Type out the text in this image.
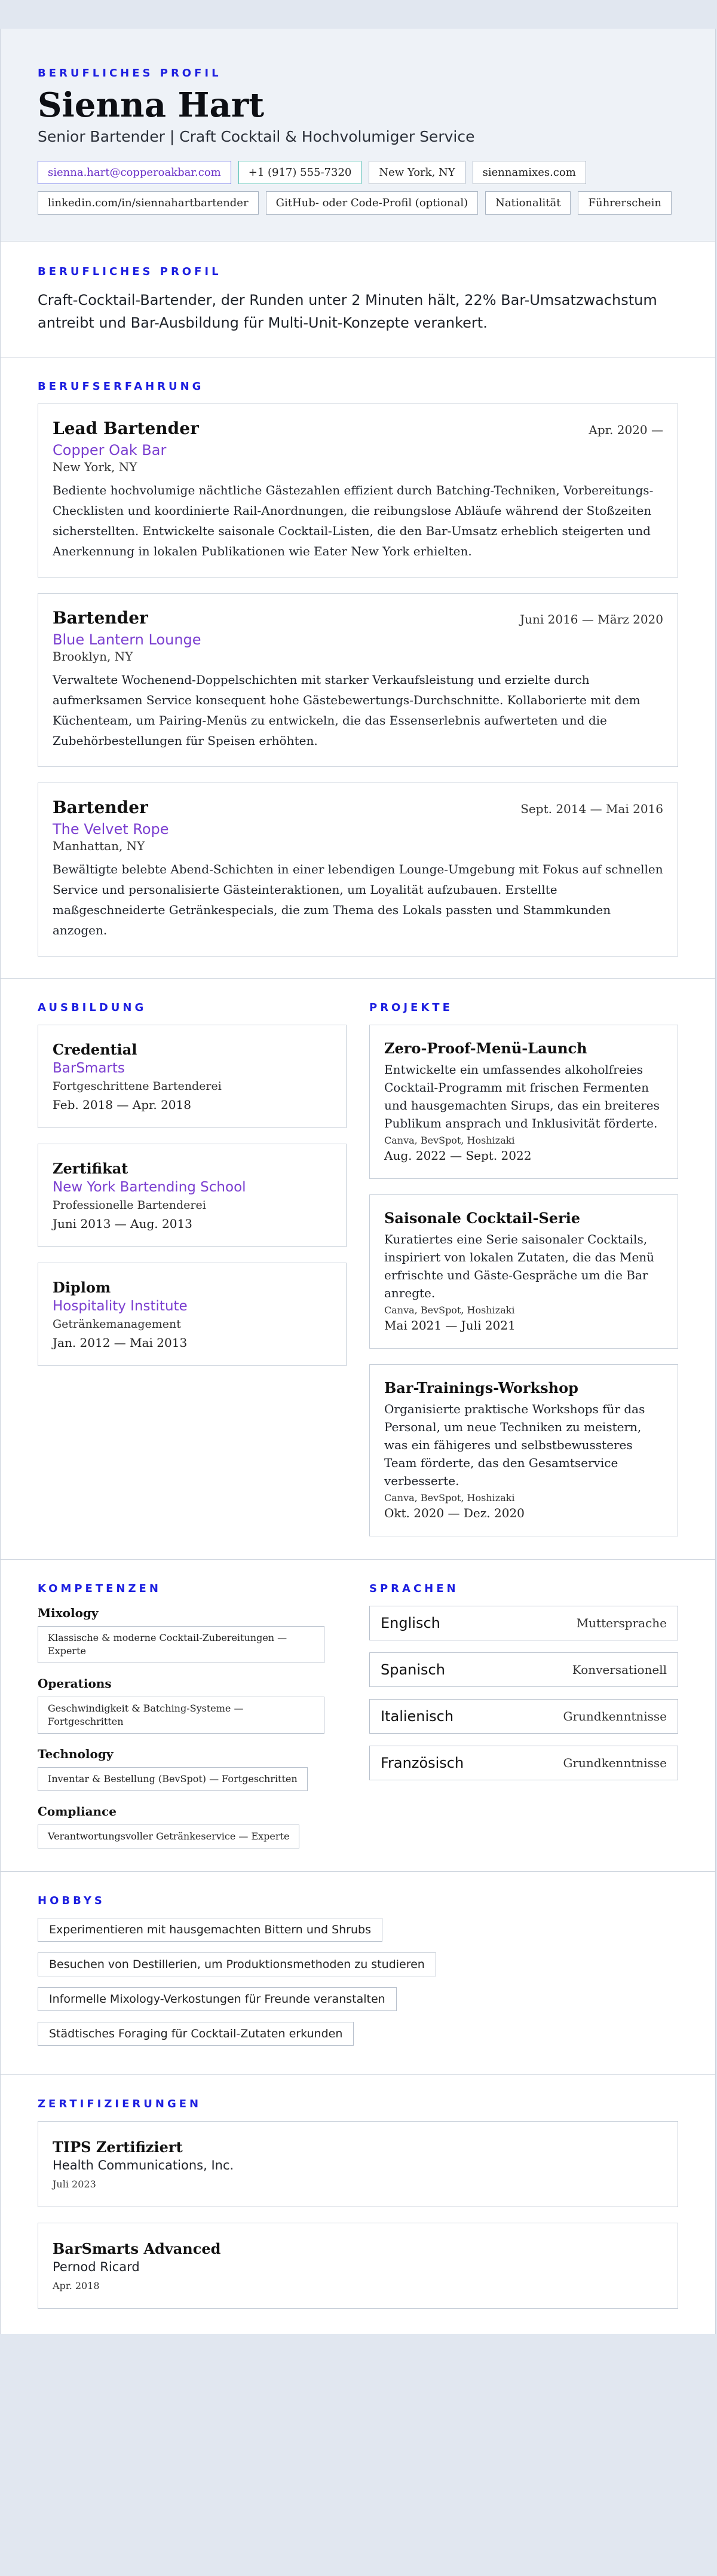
BERUFLICHES PROFIL
Sienna Hart
Senior Bartender | Craft Cocktail & Hochvolumiger Service
sienna.hart@copperoakbar.com	+1 (917) 555-7320	New York, NY	siennamixes.com
linkedin.com/in/siennahartbartender	GitHub- oder Code-Profil (optional)	Nationalität	Führerschein
BERUFLICHES PROFIL

Craft-Cocktail-Bartender, der Runden unter 2 Minuten hält, 22% Bar-Umsatzwachstum antreibt und Bar-Ausbildung für Multi-Unit-Konzepte verankert.

BERUFSERFAHRUNG
Lead Bartender	Apr. 2020 —
Copper Oak Bar
New York, NY
Bediente hochvolumige nächtliche Gästezahlen effizient durch Batching-Techniken, Vorbereitungs-Checklisten und koordinierte Rail-Anordnungen, die reibungslose Abläufe während der Stoßzeiten sicherstellten. Entwickelte saisonale Cocktail-Listen, die den Bar-Umsatz erheblich steigerten und Anerkennung in lokalen Publikationen wie Eater New York erhielten.
Bartender	Juni 2016 — März 2020
Blue Lantern Lounge
Brooklyn, NY
Verwaltete Wochenend-Doppelschichten mit starker Verkaufsleistung und erzielte durch aufmerksamen Service konsequent hohe Gästebewertungs-Durchschnitte. Kollaborierte mit dem Küchenteam, um Pairing-Menüs zu entwickeln, die das Essenserlebnis aufwerteten und die Zubehörbestellungen für Speisen erhöhten.
Bartender	Sept. 2014 — Mai 2016
The Velvet Rope
Manhattan, NY
Bewältigte belebte Abend-Schichten in einer lebendigen Lounge-Umgebung mit Fokus auf schnellen Service und personalisierte Gästeinteraktionen, um Loyalität aufzubauen. Erstellte maßgeschneiderte Getränkespecials, die zum Thema des Lokals passten und Stammkunden anzogen.
AUSBILDUNG
Credential
BarSmarts
Fortgeschrittene Bartenderei
Feb. 2018 — Apr. 2018
Zertifikat
New York Bartending School
Professionelle Bartenderei
Juni 2013 — Aug. 2013
Diplom
Hospitality Institute
Getränkemanagement
Jan. 2012 — Mai 2013
PROJEKTE
Zero-Proof-Menü-Launch
Entwickelte ein umfassendes alkoholfreies Cocktail-Programm mit frischen Fermenten und hausgemachten Sirups, das ein breiteres Publikum ansprach und Inklusivität förderte.
Canva, BevSpot, Hoshizaki
Aug. 2022 — Sept. 2022
Saisonale Cocktail-Serie
Kuratiertes eine Serie saisonaler Cocktails, inspiriert von lokalen Zutaten, die das Menü erfrischte und Gäste-Gespräche um die Bar anregte.
Canva, BevSpot, Hoshizaki
Mai 2021 — Juli 2021
Bar-Trainings-Workshop
Organisierte praktische Workshops für das Personal, um neue Techniken zu meistern, was ein fähigeres und selbstbewussteres Team förderte, das den Gesamtservice verbesserte.
Canva, BevSpot, Hoshizaki
Okt. 2020 — Dez. 2020
KOMPETENZEN
Mixology
Klassische & moderne Cocktail-Zubereitungen — Experte
Operations
Geschwindigkeit & Batching-Systeme — Fortgeschritten
Technology
Inventar & Bestellung (BevSpot) — Fortgeschritten
Compliance
Verantwortungsvoller Getränkeservice — Experte
SPRACHEN
Englisch	Muttersprache
Spanisch	Konversationell
Italienisch	Grundkenntnisse
Französisch	Grundkenntnisse
HOBBYS
Experimentieren mit hausgemachten Bittern und Shrubs
Besuchen von Destillerien, um Produktionsmethoden zu studieren
Informelle Mixology-Verkostungen für Freunde veranstalten
Städtisches Foraging für Cocktail-Zutaten erkunden
ZERTIFIZIERUNGEN
TIPS Zertifiziert
Health Communications, Inc.
Juli 2023
BarSmarts Advanced
Pernod Ricard
Apr. 2018
